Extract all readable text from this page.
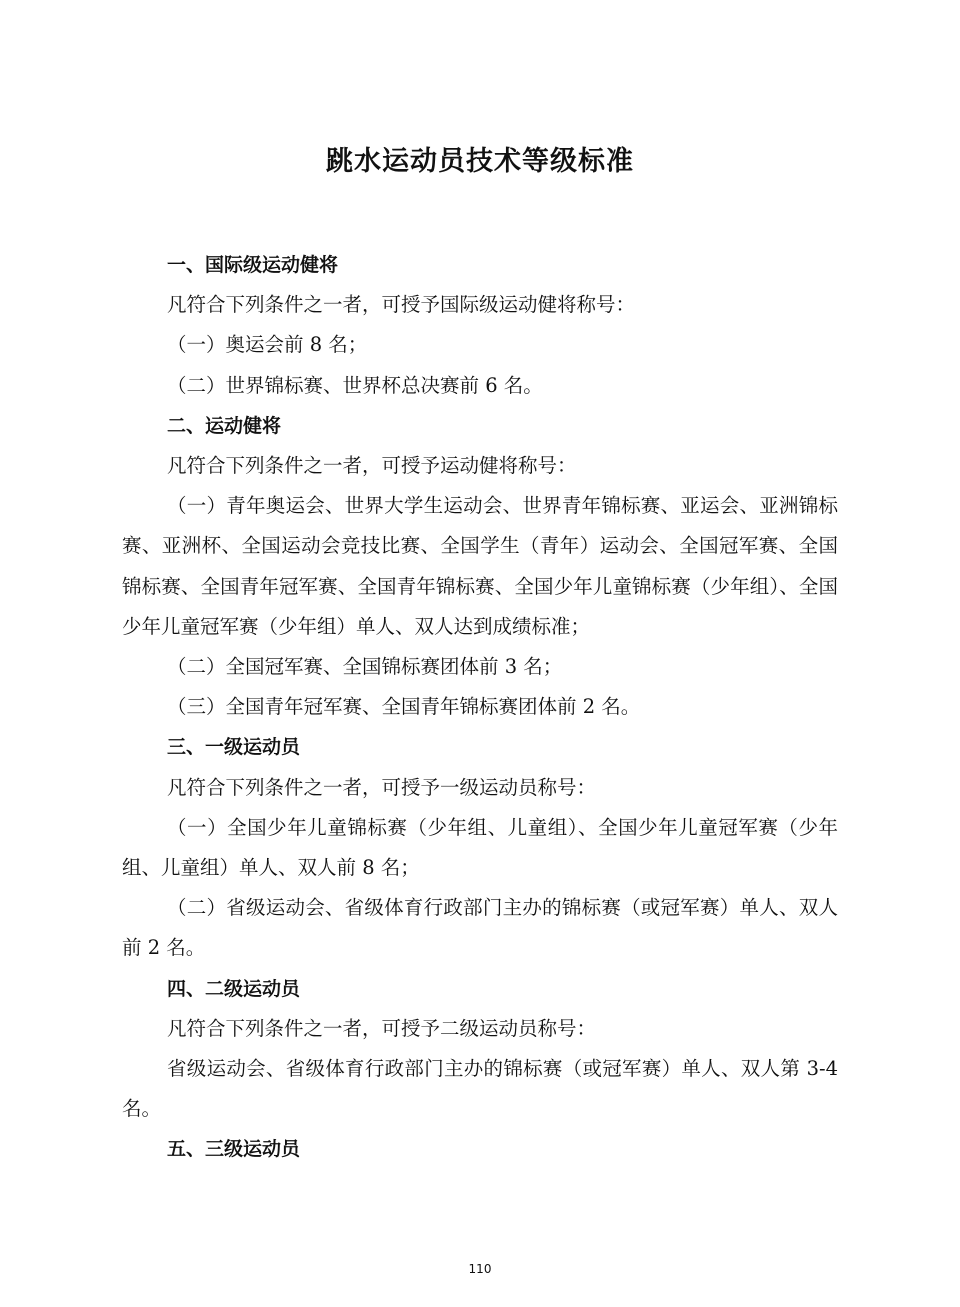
跳水运动员技术等级标准

一、国际级运动健将

凡符合下列条件之一者，可授予国际级运动健将称号：

（一）奥运会前 8 名；

（二）世界锦标赛、世界杯总决赛前 6 名。

二、运动健将

凡符合下列条件之一者，可授予运动健将称号：

（一）青年奥运会、世界大学生运动会、世界青年锦标赛、亚运会、亚洲锦标赛、亚洲杯、全国运动会竞技比赛、全国学生（青年）运动会、全国冠军赛、全国锦标赛、全国青年冠军赛、全国青年锦标赛、全国少年儿童锦标赛（少年组）、全国少年儿童冠军赛（少年组）单人、双人达到成绩标准；

（二）全国冠军赛、全国锦标赛团体前 3 名；

（三）全国青年冠军赛、全国青年锦标赛团体前 2 名。

三、一级运动员

凡符合下列条件之一者，可授予一级运动员称号：

（一）全国少年儿童锦标赛（少年组、儿童组）、全国少年儿童冠军赛（少年组、儿童组）单人、双人前 8 名；

（二）省级运动会、省级体育行政部门主办的锦标赛（或冠军赛）单人、双人前 2 名。

四、二级运动员

凡符合下列条件之一者，可授予二级运动员称号：

省级运动会、省级体育行政部门主办的锦标赛（或冠军赛）单人、双人第 3-4 名。

五、三级运动员

110
